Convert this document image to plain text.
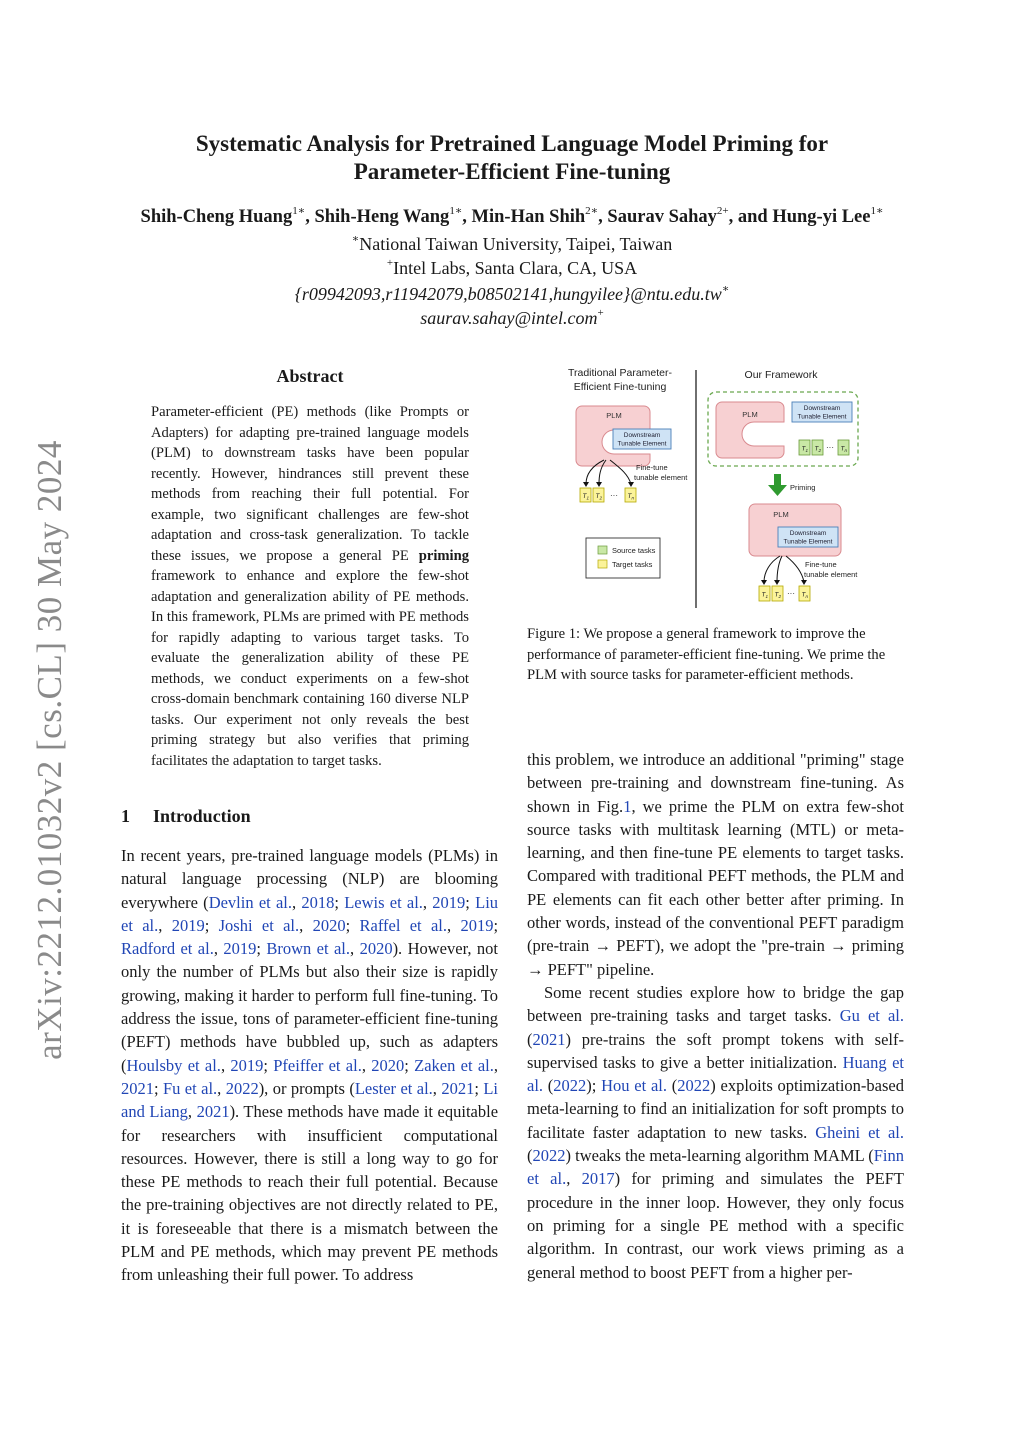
arXiv:2212.01032v2 [cs.CL] 30 May 2024
Systematic Analysis for Pretrained Language Model Priming for
Parameter-Efficient Fine-tuning
Shih-Cheng Huang$^{1∗}$, Shih-Heng Wang$^{1∗}$, Min-Han Shih$^{2∗}$, Saurav Sahay$^{2+}$, and Hung-yi Lee$^{1∗}$
∗National Taiwan University, Taipei, Taiwan
+Intel Labs, Santa Clara, CA, USA
{r09942093,r11942079,b08502141,hungyilee}@ntu.edu.tw∗
saurav.sahay@intel.com+
Abstract
Parameter-efficient (PE) methods (like Prompts or Adapters) for adapting pre-trained language models (PLM) to downstream tasks have been popular recently. However, hindrances still prevent these methods from reaching their full potential. For example, two significant challenges are few-shot adaptation and cross-task generalization. To tackle these issues, we propose a general PE priming framework to enhance and explore the few-shot adaptation and generalization ability of PE methods. In this framework, PLMs are primed with PE methods for rapidly adapting to various target tasks. To evaluate the generalization ability of these PE methods, we conduct experiments on a few-shot cross-domain benchmark containing 160 diverse NLP tasks. Our experiment not only reveals the best priming strategy but also verifies that priming facilitates the adaptation to target tasks.
1 Introduction

In recent years, pre-trained language models (PLMs) in natural language processing (NLP) are blooming everywhere (Devlin et al., 2018; Lewis et al., 2019; Liu et al., 2019; Joshi et al., 2020; Raffel et al., 2019; Radford et al., 2019; Brown et al., 2020). However, not only the number of PLMs but also their size is rapidly growing, making it harder to perform full fine-tuning. To address the issue, tons of parameter-efficient fine-tuning (PEFT) methods have bubbled up, such as adapters (Houlsby et al., 2019; Pfeiffer et al., 2020; Zaken et al., 2021; Fu et al., 2022), or prompts (Lester et al., 2021; Li and Liang, 2021). These methods have made it equitable for researchers with insufficient computational resources. However, there is still a long way to go for these PE methods to reach their full potential. Because the pre-training objectives are not directly related to PE, it is foreseeable that there is a mismatch between the PLM and PE methods, which may prevent PE methods from unleashing their full power. To address

Traditional Parameter-
Efficient Fine-tuning
Our Framework
PLM
Downstream
Tunable Element
Fine-tune
tunable element
$T_1$ $T_2$ ··· $T_n$
Source tasks
Target tasks
PLM
Downstream
Tunable Element
$T_1$ $T_2$ ··· $T_n$
Priming
PLM
Downstream
Tunable Element
Fine-tune
tunable element
$T_1$ $T_2$ ··· $T_n$
Figure 1: We propose a general framework to improve the performance of parameter-efficient fine-tuning. We prime the PLM with source tasks for parameter-efficient methods.

this problem, we introduce an additional "priming" stage between pre-training and downstream fine-tuning. As shown in Fig.1, we prime the PLM on extra few-shot source tasks with multitask learning (MTL) or meta-learning, and then fine-tune PE elements to target tasks. Compared with traditional PEFT methods, the PLM and PE elements can fit each other better after priming. In other words, instead of the conventional PEFT paradigm (pre-train → PEFT), we adopt the "pre-train → priming → PEFT" pipeline.

Some recent studies explore how to bridge the gap between pre-training tasks and target tasks. Gu et al. (2021) pre-trains the soft prompt tokens with self-supervised tasks to give a better initialization. Huang et al. (2022); Hou et al. (2022) exploits optimization-based meta-learning to find an initialization for soft prompts to facilitate faster adaptation to new tasks. Gheini et al. (2022) tweaks the meta-learning algorithm MAML (Finn et al., 2017) for priming and simulates the PEFT procedure in the inner loop. However, they only focus on priming for a single PE method with a specific algorithm. In contrast, our work views priming as a general method to boost PEFT from a higher per-
